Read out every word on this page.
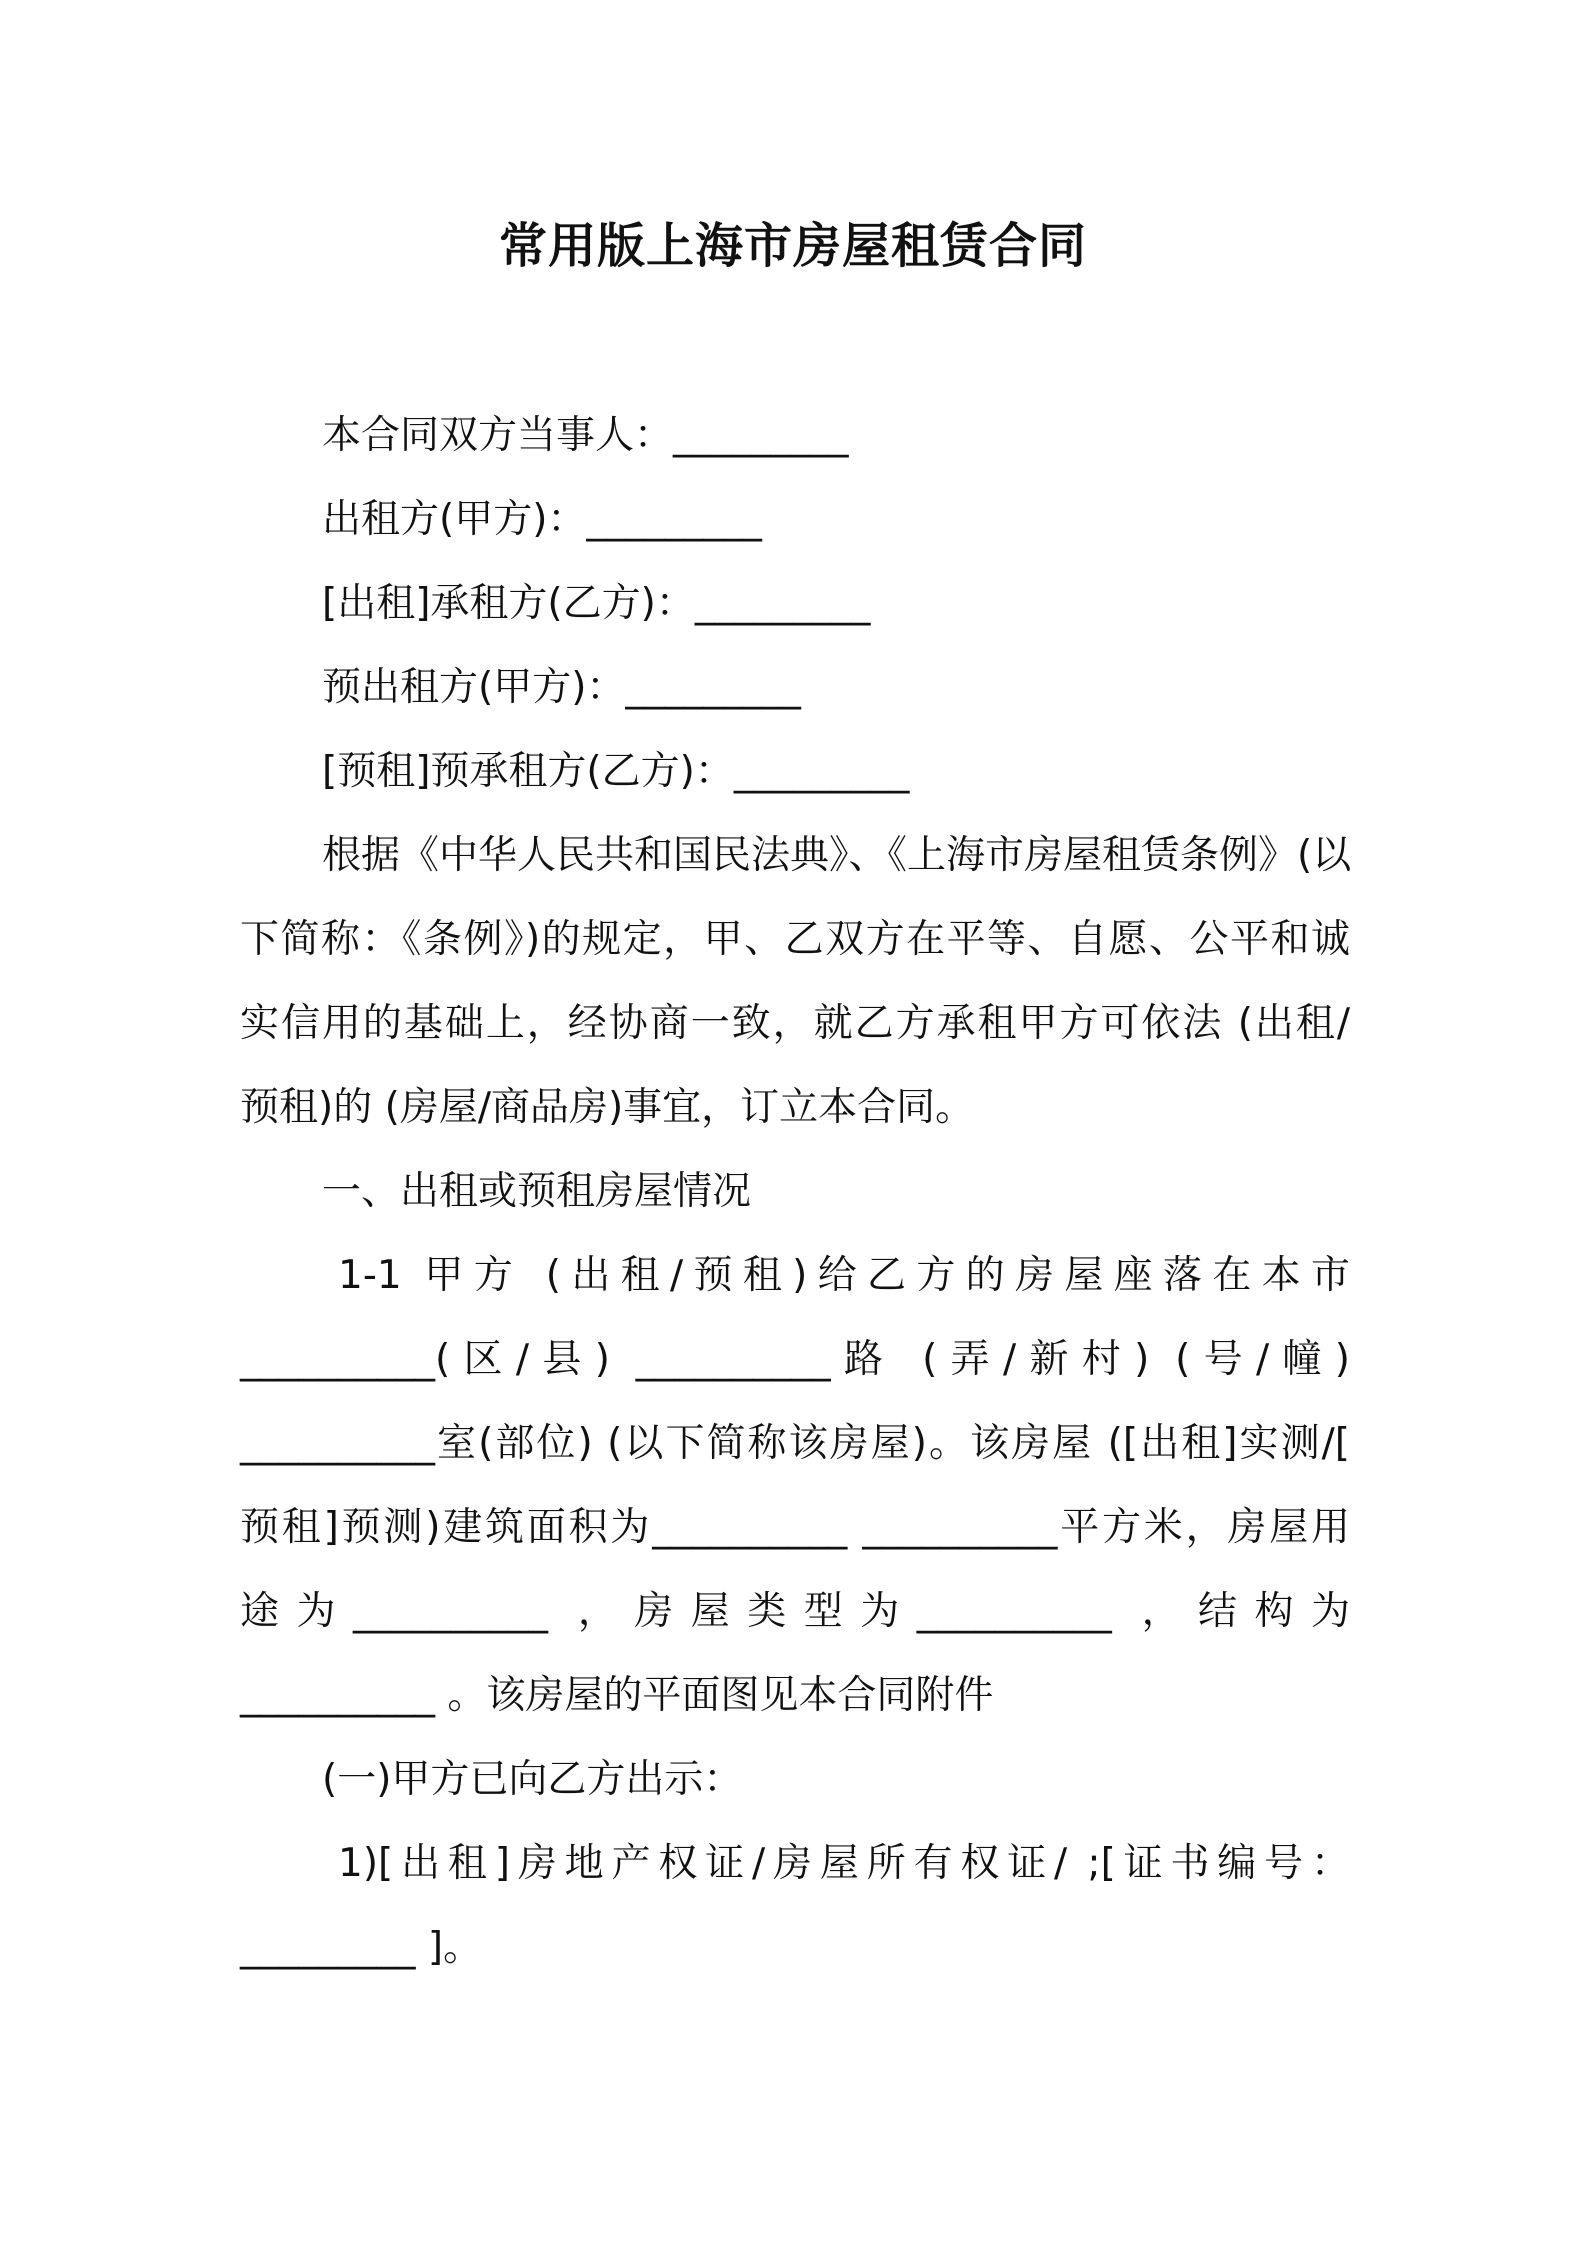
常用版上海市房屋租赁合同
本合同双方当事人：_________
出租方(甲方)：_________
[出租]承租方(乙方)：_________
预出租方(甲方)：_________
[预租]预承租方(乙方)：_________
根据《中华人民共和国民法典》、《上海市房屋租赁条例》(以
下简称：《条例》)的规定，甲、乙双方在平等、自愿、公平和诚
实信用的基础上，经协商一致，就乙方承租甲方可依法 (出租/
预租)的 (房屋/商品房)事宜，订立本合同。
一、出租或预租房屋情况
1-1 甲方 (出租/预租)给乙方的房屋座落在本市
__________(区/县) __________路 (弄/新村) (号/幢)
__________室(部位) (以下简称该房屋)。该房屋 ([出租]实测/[
预租]预测)建筑面积为__________ __________平方米，房屋用
途为__________ ，房屋类型为__________ ，结构为
__________ 。该房屋的平面图见本合同附件
(一)甲方已向乙方出示：
1)[出租]房地产权证/房屋所有权证/ ;[证书编号：
_________ ]。
